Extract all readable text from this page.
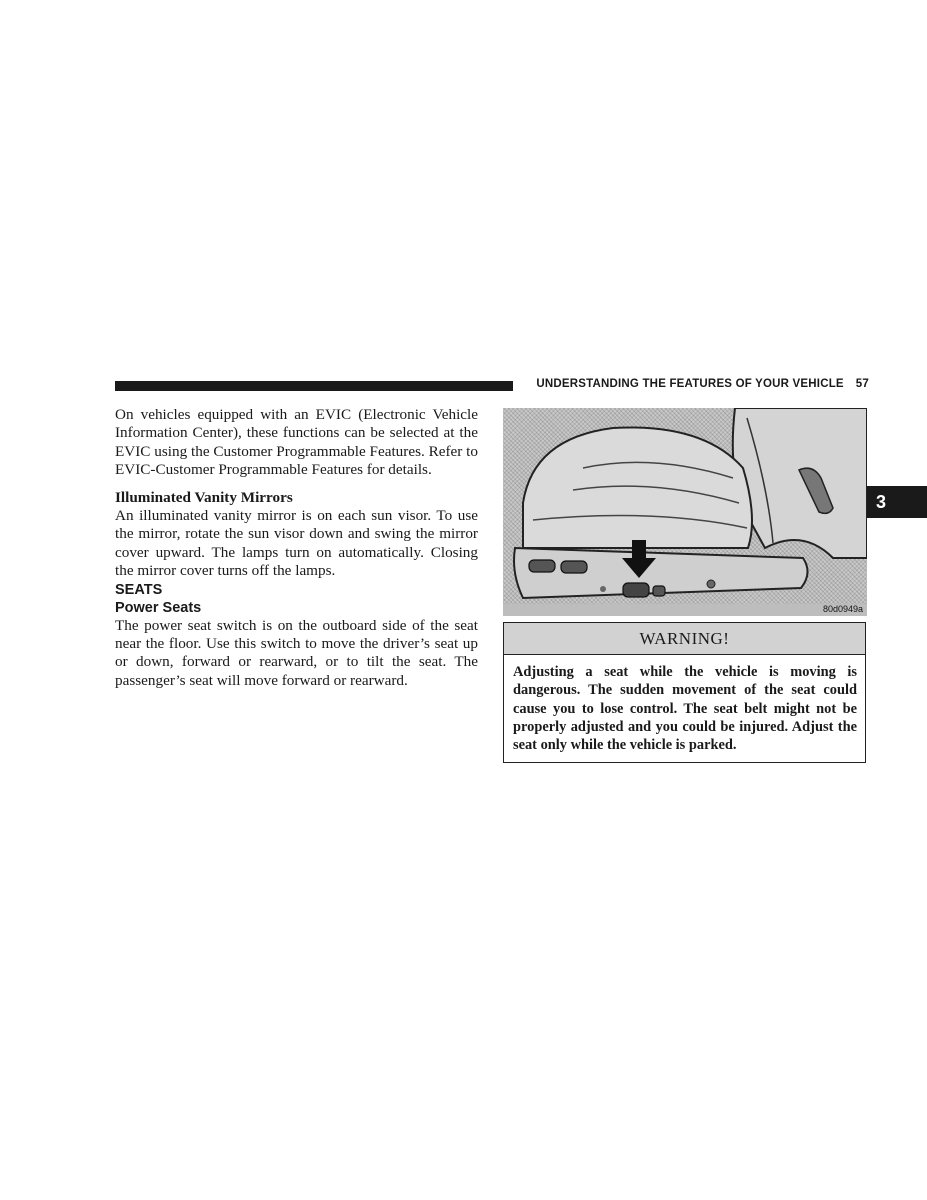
UNDERSTANDING THE FEATURES OF YOUR VEHICLE 57

On vehicles equipped with an EVIC (Electronic Vehicle Information Center), these functions can be selected at the EVIC using the Customer Programmable Features. Refer to EVIC-Customer Programmable Features for details.

Illuminated Vanity Mirrors

An illuminated vanity mirror is on each sun visor. To use the mirror, rotate the sun visor down and swing the mirror cover upward. The lamps turn on automatically. Closing the mirror cover turns off the lamps.

SEATS

Power Seats

The power seat switch is on the outboard side of the seat near the floor. Use this switch to move the driver’s seat up or down, forward or rearward, or to tilt the seat. The passenger’s seat will move forward or rearward.

80d0949a
WARNING!

Adjusting a seat while the vehicle is moving is dangerous. The sudden movement of the seat could cause you to lose control. The seat belt might not be properly adjusted and you could be injured. Adjust the seat only while the vehicle is parked.

3
